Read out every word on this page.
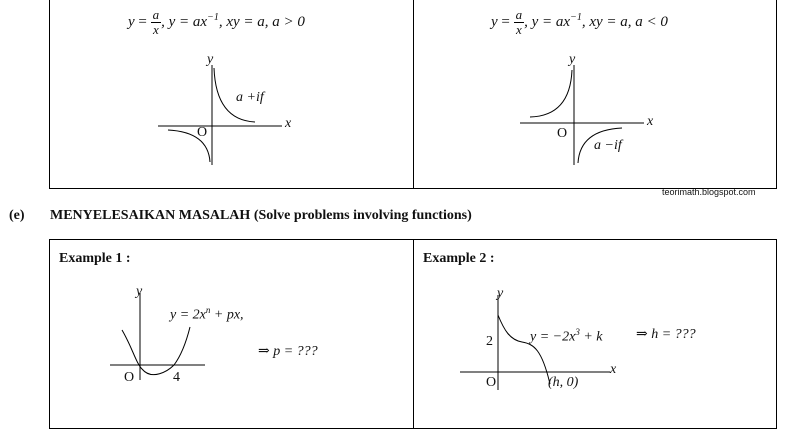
$y = \frac{a}{x}$ , $y = ax^{-1}$, xy = a, a > 0
y
x
O
a +if
$y = \frac{a}{x}$ , $y = ax^{-1}$, xy = a, a < 0
y
x
O
a −if
teorimath.blogspot.com
(e) MENYELESAIKAN MASALAH (Solve problems involving functions)
Example 1 :
y
O	4
$y = 2x^n$ + px,
⇒ p = ???
Example 2 :
y
x
O
2
(h, 0)
$y = -2x^3 + k$ ⇒ h = ???
